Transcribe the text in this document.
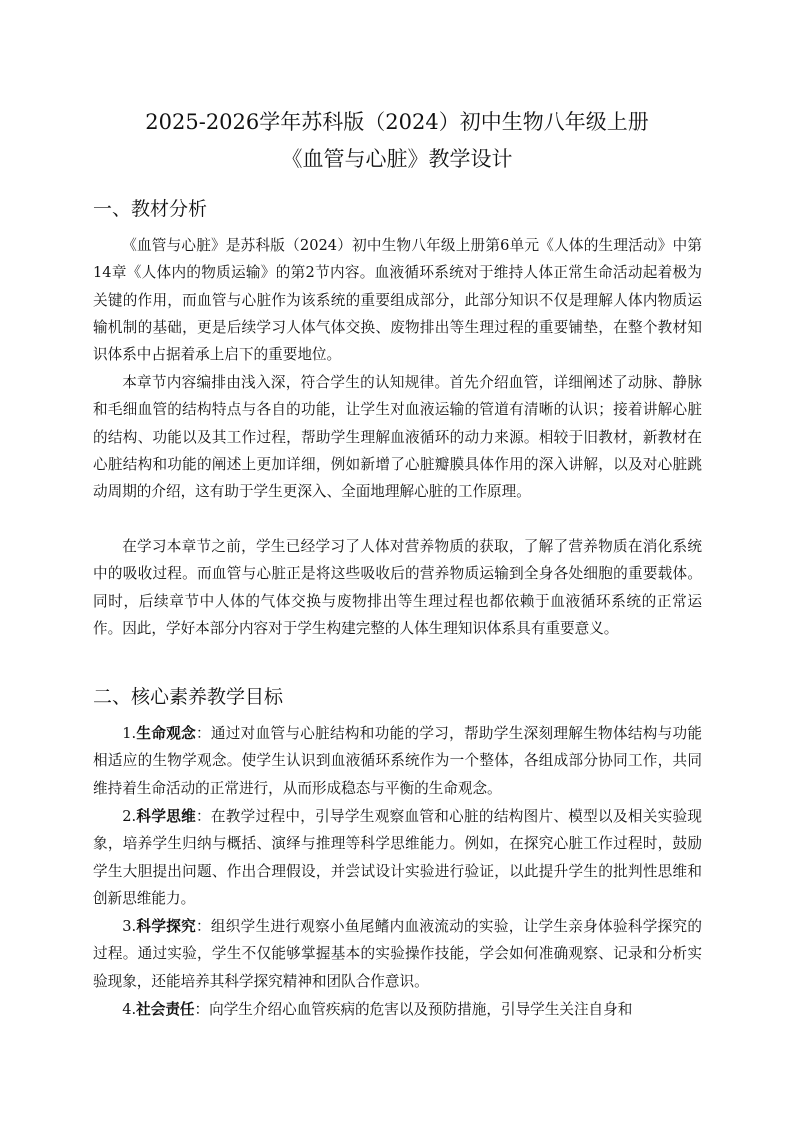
2025-2026学年苏科版（2024）初中生物八年级上册
《血管与心脏》教学设计
一、教材分析

《血管与心脏》是苏科版（2024）初中生物八年级上册第6单元《人体的生理活动》中第14章《人体内的物质运输》的第2节内容。血液循环系统对于维持人体正常生命活动起着极为关键的作用，而血管与心脏作为该系统的重要组成部分，此部分知识不仅是理解人体内物质运输机制的基础，更是后续学习人体气体交换、废物排出等生理过程的重要铺垫，在整个教材知识体系中占据着承上启下的重要地位。

本章节内容编排由浅入深，符合学生的认知规律。首先介绍血管，详细阐述了动脉、静脉和毛细血管的结构特点与各自的功能，让学生对血液运输的管道有清晰的认识；接着讲解心脏的结构、功能以及其工作过程，帮助学生理解血液循环的动力来源。相较于旧教材，新教材在心脏结构和功能的阐述上更加详细，例如新增了心脏瓣膜具体作用的深入讲解，以及对心脏跳动周期的介绍，这有助于学生更深入、全面地理解心脏的工作原理。

在学习本章节之前，学生已经学习了人体对营养物质的获取，了解了营养物质在消化系统中的吸收过程。而血管与心脏正是将这些吸收后的营养物质运输到全身各处细胞的重要载体。同时，后续章节中人体的气体交换与废物排出等生理过程也都依赖于血液循环系统的正常运作。因此，学好本部分内容对于学生构建完整的人体生理知识体系具有重要意义。

二、核心素养教学目标

1.生命观念：通过对血管与心脏结构和功能的学习，帮助学生深刻理解生物体结构与功能相适应的生物学观念。使学生认识到血液循环系统作为一个整体，各组成部分协同工作，共同维持着生命活动的正常进行，从而形成稳态与平衡的生命观念。

2.科学思维：在教学过程中，引导学生观察血管和心脏的结构图片、模型以及相关实验现象，培养学生归纳与概括、演绎与推理等科学思维能力。例如，在探究心脏工作过程时，鼓励学生大胆提出问题、作出合理假设，并尝试设计实验进行验证，以此提升学生的批判性思维和创新思维能力。

3.科学探究：组织学生进行观察小鱼尾鳍内血液流动的实验，让学生亲身体验科学探究的过程。通过实验，学生不仅能够掌握基本的实验操作技能，学会如何准确观察、记录和分析实验现象，还能培养其科学探究精神和团队合作意识。

4.社会责任：向学生介绍心血管疾病的危害以及预防措施，引导学生关注自身和
